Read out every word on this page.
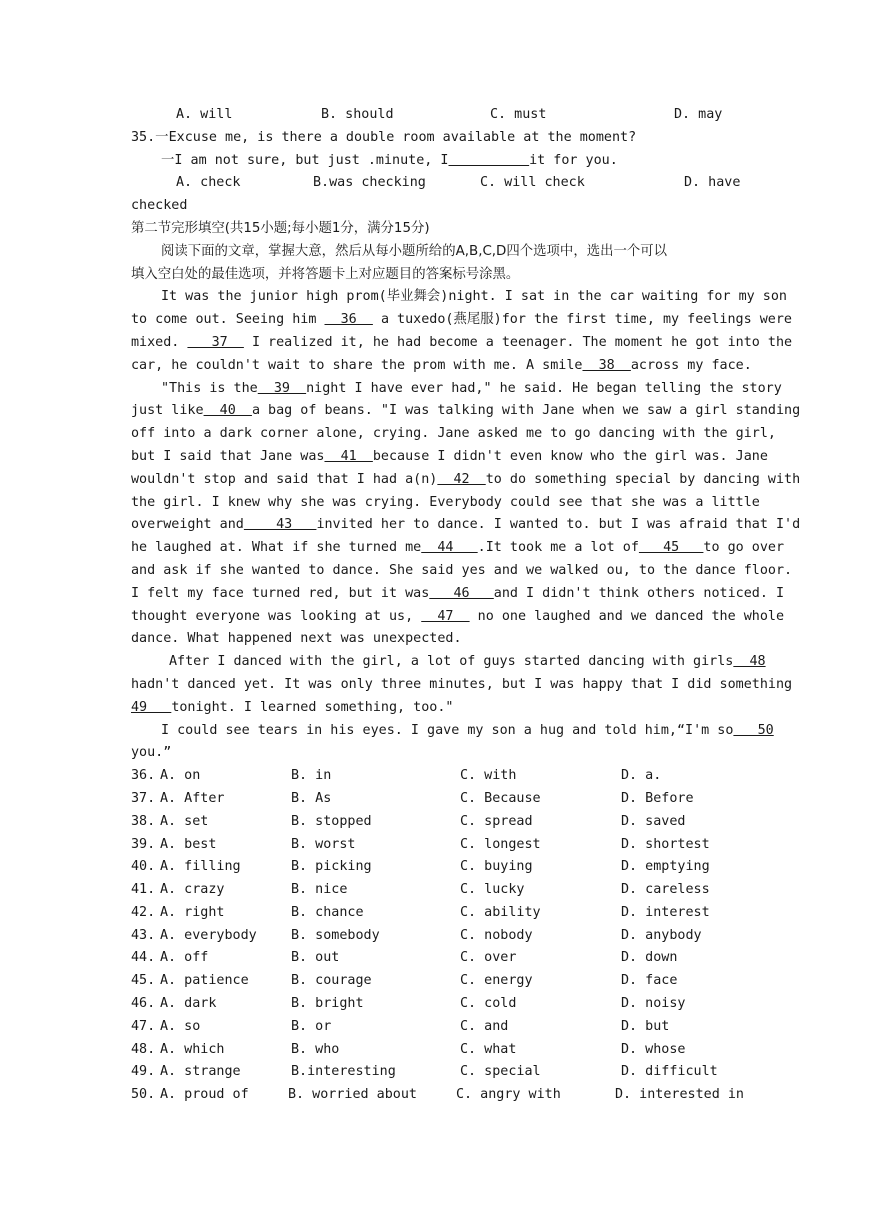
A. will	B. should	C. must	D. may
35.一Excuse me, is there a double room available at the moment?
一I am not sure, but just .minute, I	it for you.
A. check	B.was checking	C. will check	D. have
checked
第二节完形填空(共15小题;每小题1分，满分15分)
阅读下面的文章，掌握大意，然后从每小题所给的A,B,C,D四个选项中，选出一个可以
填入空白处的最佳选项，并将答题卡上对应题目的答案标号涂黑。
It was the junior high prom(毕业舞会)night. I sat in the car waiting for my son
to come out. Seeing him   36   a tuxedo(燕尾服)for the first time, my feelings were
mixed.    37   I realized it, he had become a teenager. The moment he got into the
car, he couldn't wait to share the prom with me. A smile  38  across my face.
"This is the  39  night I have ever had," he said. He began telling the story
just like  40  a bag of beans. "I was talking with Jane when we saw a girl standing
off into a dark corner alone, crying. Jane asked me to go dancing with the girl,
but I said that Jane was  41  because I didn't even know who the girl was. Jane
wouldn't stop and said that I had a(n)  42  to do something special by dancing with
the girl. I knew why she was crying. Everybody could see that she was a little
overweight and    43   invited her to dance. I wanted to. but I was afraid that I'd
he laughed at. What if she turned me  44   .It took me a lot of   45   to go over
and ask if she wanted to dance. She said yes and we walked ou, to the dance floor.
I felt my face turned red, but it was   46   and I didn't think others noticed. I
thought everyone was looking at us,   47   no one laughed and we danced the whole
dance. What happened next was unexpected.
After I danced with the girl, a lot of guys started dancing with girls  48
hadn't danced yet. It was only three minutes, but I was happy that I did something
49   tonight. I learned something, too."
I could see tears in his eyes. I gave my son a hug and told him,“I'm so   50
you.”
36. A. on	B. in	C. with	D. a.
37. A. After	B. As	C. Because	D. Before
38. A. set	B. stopped	C. spread	D. saved
39. A. best	B. worst	C. longest	D. shortest
40. A. filling	B. picking	C. buying	D. emptying
41. A. crazy	B. nice	C. lucky	D. careless
42. A. right	B. chance	C. ability	D. interest
43. A. everybody	B. somebody	C. nobody	D. anybody
44. A. off	B. out	C. over	D. down
45. A. patience	B. courage	C. energy	D. face
46. A. dark	B. bright	C. cold	D. noisy
47. A. so	B. or	C. and	D. but
48. A. which	B. who	C. what	D. whose
49. A. strange	B.interesting	C. special	D. difficult
50. A. proud of	B. worried about	C. angry with	D. interested in
